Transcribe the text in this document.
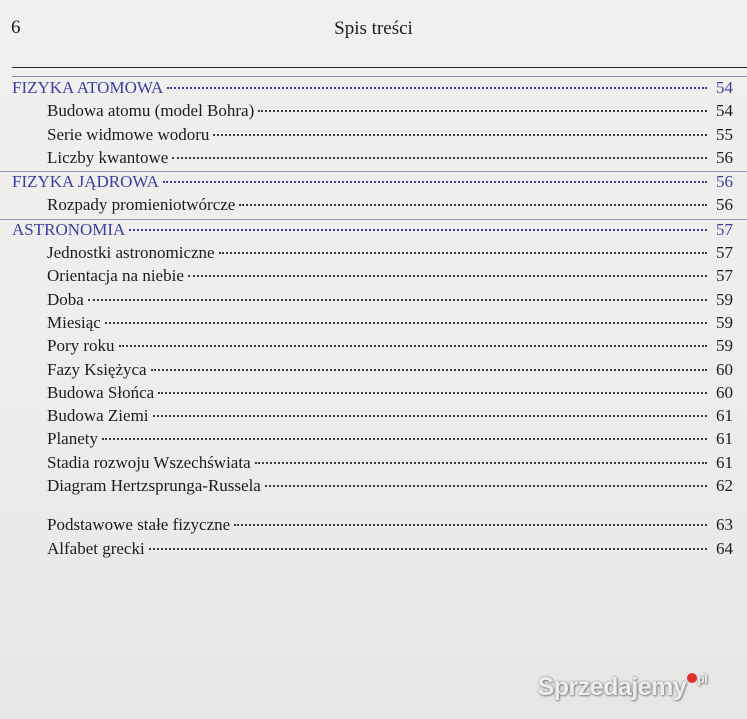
6	Spis treści
FIZYKA ATOMOWA	54
Budowa atomu (model Bohra)	54
Serie widmowe wodoru	55
Liczby kwantowe	56
FIZYKA JĄDROWA	56
Rozpady promieniotwórcze	56
ASTRONOMIA	57
Jednostki astronomiczne	57
Orientacja na niebie	57
Doba	59
Miesiąc	59
Pory roku	59
Fazy Księżyca	60
Budowa Słońca	60
Budowa Ziemi	61
Planety	61
Stadia rozwoju Wszechświata	61
Diagram Hertzsprunga-Russela	62
Podstawowe stałe fizyczne	63
Alfabet grecki	64
Sprzedajemy pl
